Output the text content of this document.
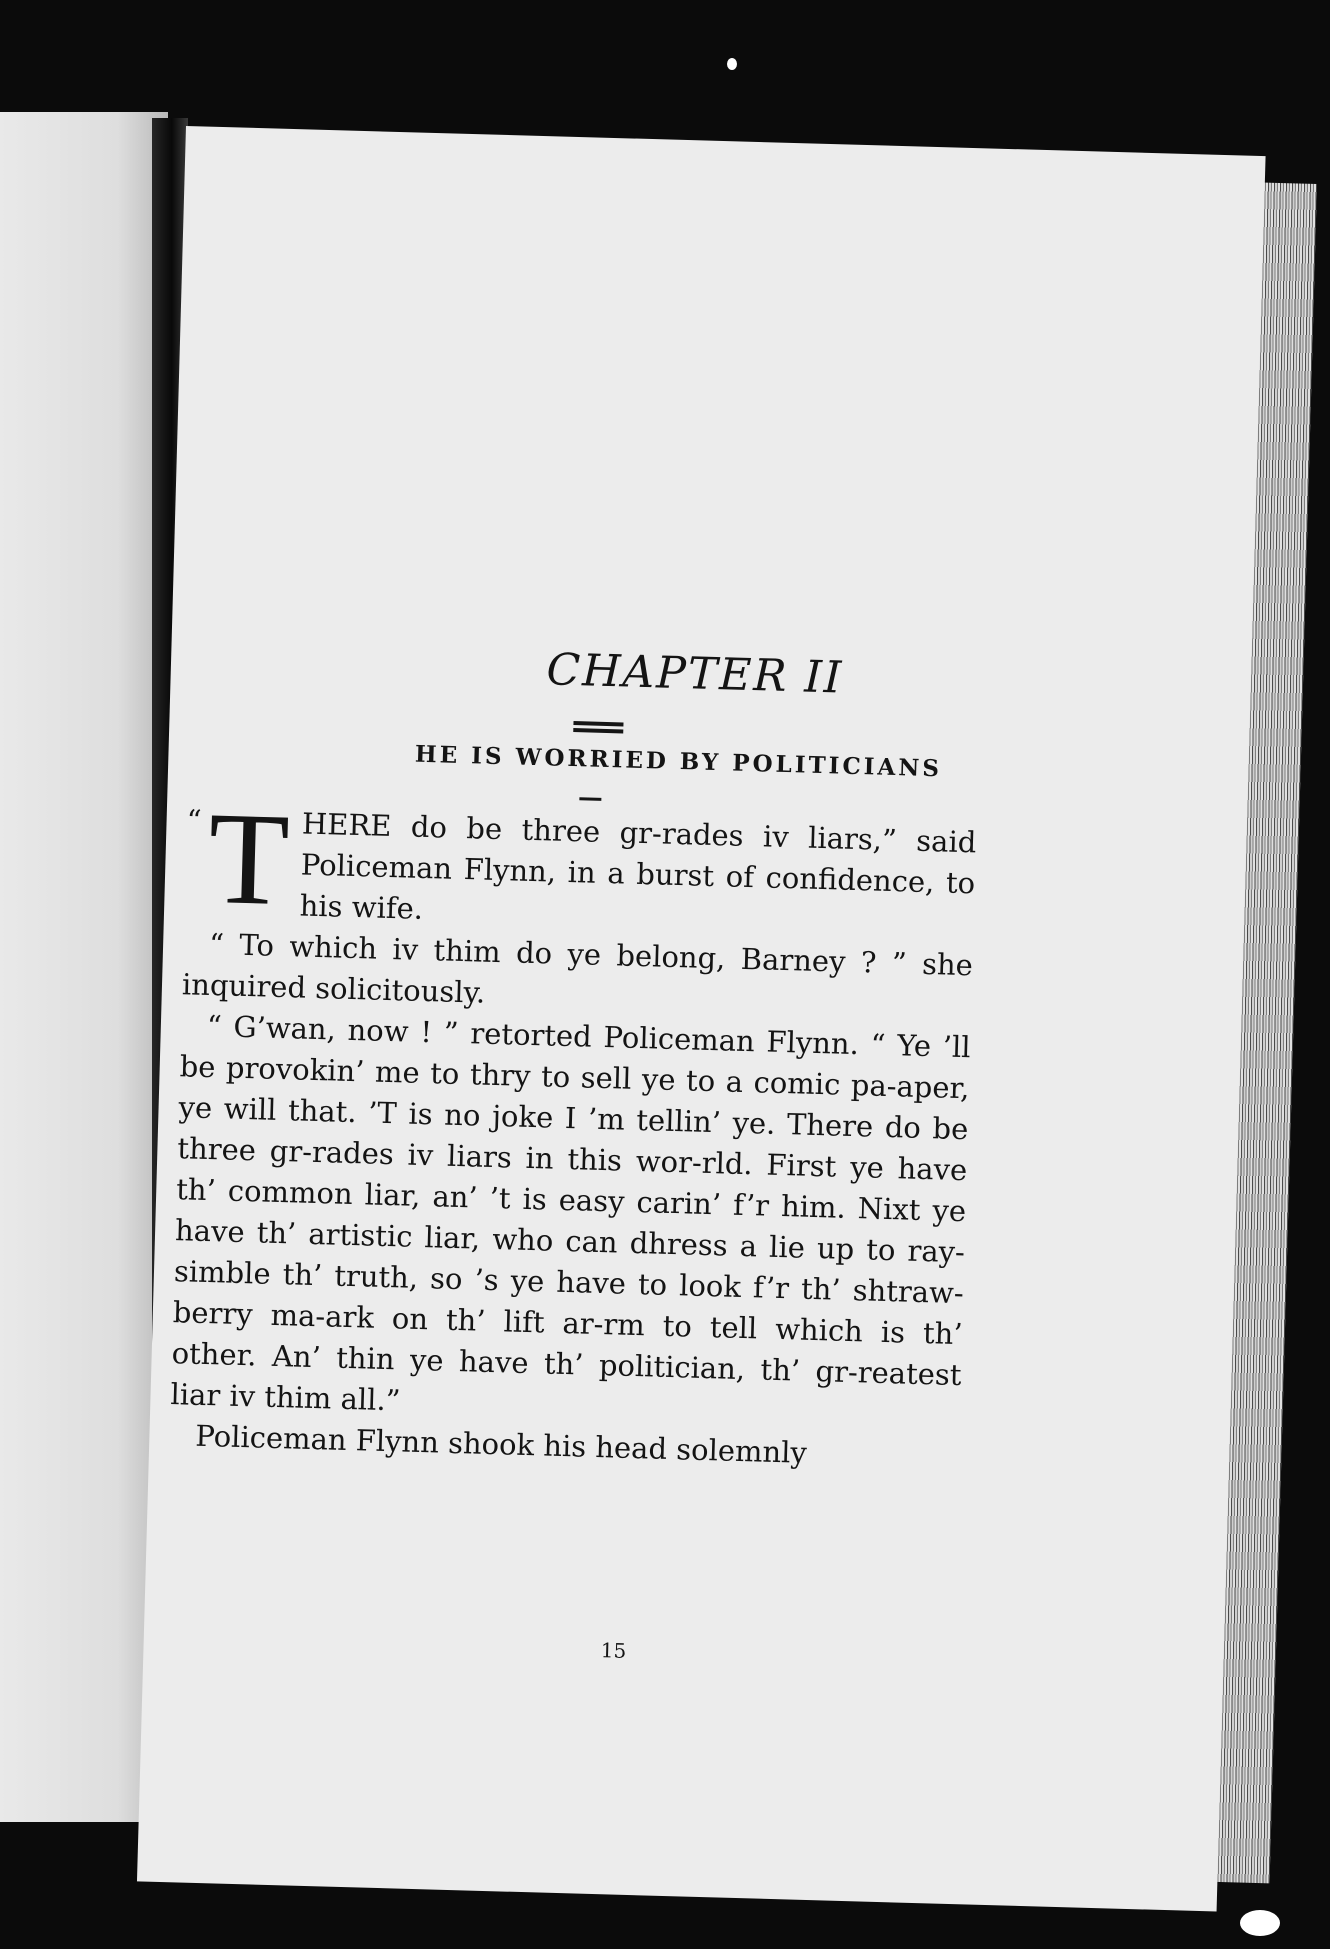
CHAPTER II
HE IS WORRIED BY POLITICIANS

“ T HERE do be three gr-rades iv liars,” said Policeman Flynn, in a burst of confidence, to his wife.

“ To which iv thim do ye belong, Barney ? ” she inquired solicitously.

“ G’wan, now ! ” retorted Policeman Flynn. “ Ye ’ll be provokin’ me to thry to sell ye to a comic pa-aper, ye will that. ’T is no joke I ’m tellin’ ye. There do be three gr-rades iv liars in this wor-rld. First ye have th’ common liar, an’ ’t is easy carin’ f’r him. Nixt ye have th’ artistic liar, who can dhress a lie up to ray-simble th’ truth, so ’s ye have to look f’r th’ shtraw-berry ma-ark on th’ lift ar-rm to tell which is th’ other. An’ thin ye have th’ politician, th’ gr-reatest liar iv thim all.”

Policeman Flynn shook his head solemnly

15
